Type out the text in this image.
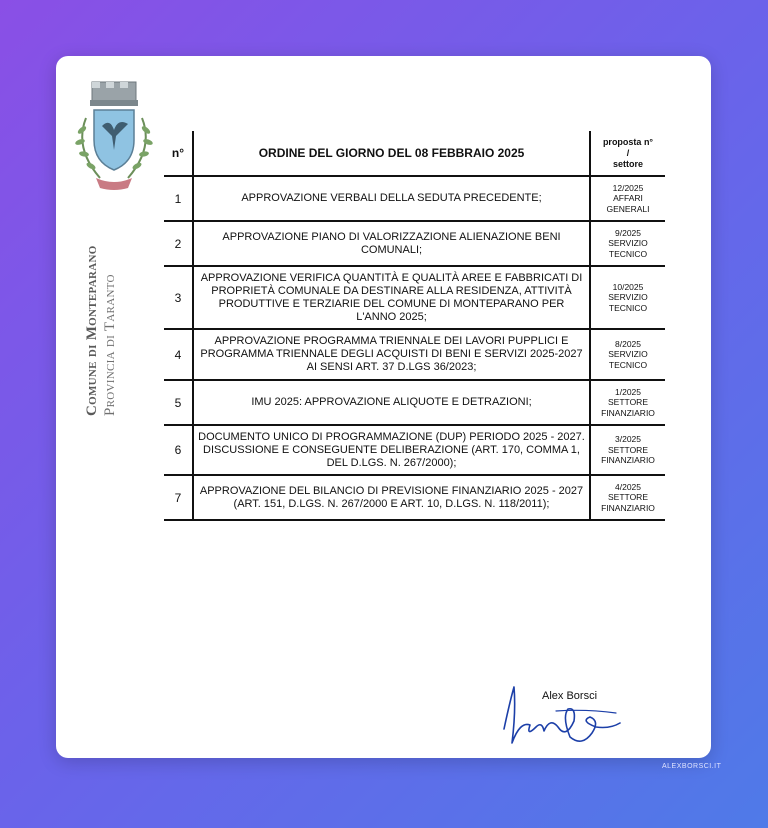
Comune di Monteparano Provincia di Taranto
n°	ORDINE DEL GIORNO DEL 08 FEBBRAIO 2025	proposta n°
/
settore

1	APPROVAZIONE VERBALI DELLA SEDUTA PRECEDENTE;	12/2025
AFFARI
GENERALI

2	APPROVAZIONE PIANO DI VALORIZZAZIONE ALIENAZIONE BENI COMUNALI;	9/2025
SERVIZIO
TECNICO

3	APPROVAZIONE VERIFICA QUANTITÀ E QUALITÀ AREE E FABBRICATI DI PROPRIETÀ COMUNALE DA DESTINARE ALLA RESIDENZA, ATTIVITÀ PRODUTTIVE E TERZIARIE DEL COMUNE DI MONTEPARANO PER L'ANNO 2025;	10/2025
SERVIZIO
TECNICO

4	APPROVAZIONE PROGRAMMA TRIENNALE DEI LAVORI PUPPLICI E PROGRAMMA TRIENNALE DEGLI ACQUISTI DI BENI E SERVIZI 2025-2027 AI SENSI ART. 37 D.LGS 36/2023;	8/2025
SERVIZIO
TECNICO

5	IMU 2025: APPROVAZIONE ALIQUOTE E DETRAZIONI;	1/2025
SETTORE
FINANZIARIO

6	DOCUMENTO UNICO DI PROGRAMMAZIONE (DUP) PERIODO 2025 - 2027. DISCUSSIONE E CONSEGUENTE DELIBERAZIONE (ART. 170, COMMA 1, DEL D.LGS. N. 267/2000);	3/2025
SETTORE
FINANZIARIO

7	APPROVAZIONE DEL BILANCIO DI PREVISIONE FINANZIARIO 2025 - 2027 (ART. 151, D.LGS. N. 267/2000 E ART. 10, D.LGS. N. 118/2011);	4/2025
SETTORE
FINANZIARIO
Alex Borsci
ALEXBORSCI.IT
